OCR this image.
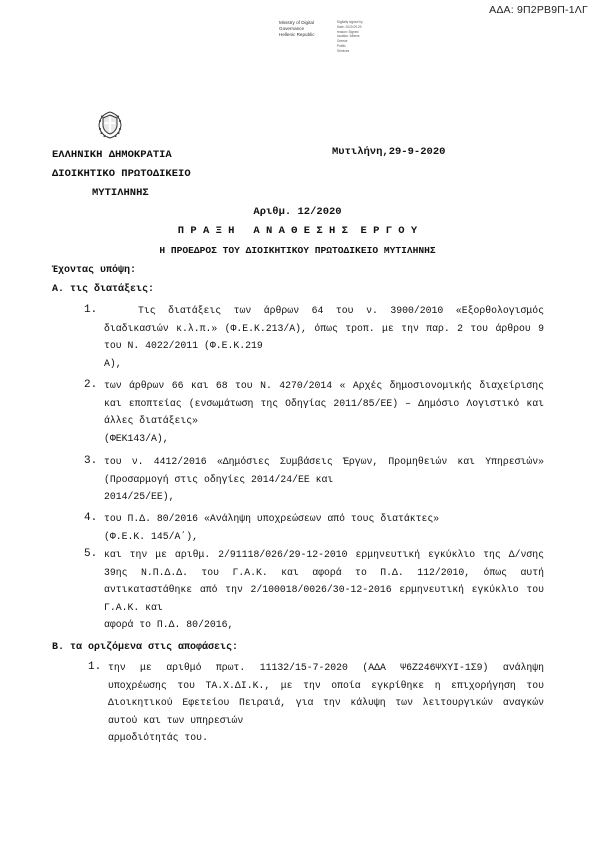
ΑΔΑ: 9Π2ΡΒ9Π-1ΛΓ
Ministry of Digital
Governance
Hellenic Republic
Digitally signed by
Date: 2020.09.29
reason: Signed
location: Athens
Greece
Public
Services
ΕΛΛΗΝΙΚΗ ΔΗΜΟΚΡΑΤΙΑ
ΔΙΟΙΚΗΤΙΚΟ ΠΡΩΤΟΔΙΚΕΙΟ
ΜΥΤΙΛΗΝΗΣ
Μυτιλήνη,29-9-2020
Αριθμ. 12/2020
Π Ρ Α Ξ Η   Α Ν Α Θ Ε Σ Η Σ  Ε Ρ Γ Ο Υ
Η ΠΡΟΕΔΡΟΣ ΤΟΥ ΔΙΟΙΚΗΤΙΚΟΥ ΠΡΩΤΟΔΙΚΕΙΟ ΜΥΤΙΛΗΝΗΣ
Έχοντας υπόψη:
Α. τις διατάξεις:
1.	Τις διατάξεις των άρθρων 64 του ν. 3900/2010 «Εξορθολογισμός διαδικασιών κ.λ.π.» (Φ.Ε.Κ.213/Α), όπως τροπ. με την παρ. 2 του άρθρου 9 του Ν. 4022/2011 (Φ.Ε.Κ.219

Α),

2. των άρθρων 66 και 68 του Ν. 4270/2014 « Αρχές δημοσιονομικής διαχείρισης και εποπτείας (ενσωμάτωση της Οδηγίας 2011/85/ΕΕ) – Δημόσιο Λογιστικό και άλλες διατάξεις»

(ΦΕΚ143/Α),

3. του ν. 4412/2016 «Δημόσιες Συμβάσεις Έργων, Προμηθειών και Υπηρεσιών» (Προσαρμογή στις οδηγίες 2014/24/ΕΕ και

2014/25/ΕΕ),

4. του Π.Δ. 80/2016 «Ανάληψη υποχρεώσεων από τους διατάκτες»

(Φ.Ε.Κ. 145/Α΄),

5. και την με αριθμ. 2/91118/026/29-12-2010 ερμηνευτική εγκύκλιο της Δ/νσης 39ης Ν.Π.Δ.Δ. του Γ.Α.Κ. και αφορά το Π.Δ. 112/2010, όπως αυτή αντικαταστάθηκε από την 2/100018/0026/30-12-2016 ερμηνευτική εγκύκλιο του Γ.Α.Κ. και

αφορά το Π.Δ. 80/2016,

Β. τα οριζόμενα στις αποφάσεις:
1. την με αριθμό πρωτ. 11132/15-7-2020 (ΑΔΑ Ψ6Ζ246ΨΧΥΙ-1Σ9) ανάληψη υποχρέωσης του ΤΑ.Χ.ΔΙ.Κ., με την οποία εγκρίθηκε η επιχορήγηση του Διοικητικού Εφετείου Πειραιά, για την κάλυψη των λειτουργικών αναγκών αυτού και των υπηρεσιών

αρμοδιότητάς του.
